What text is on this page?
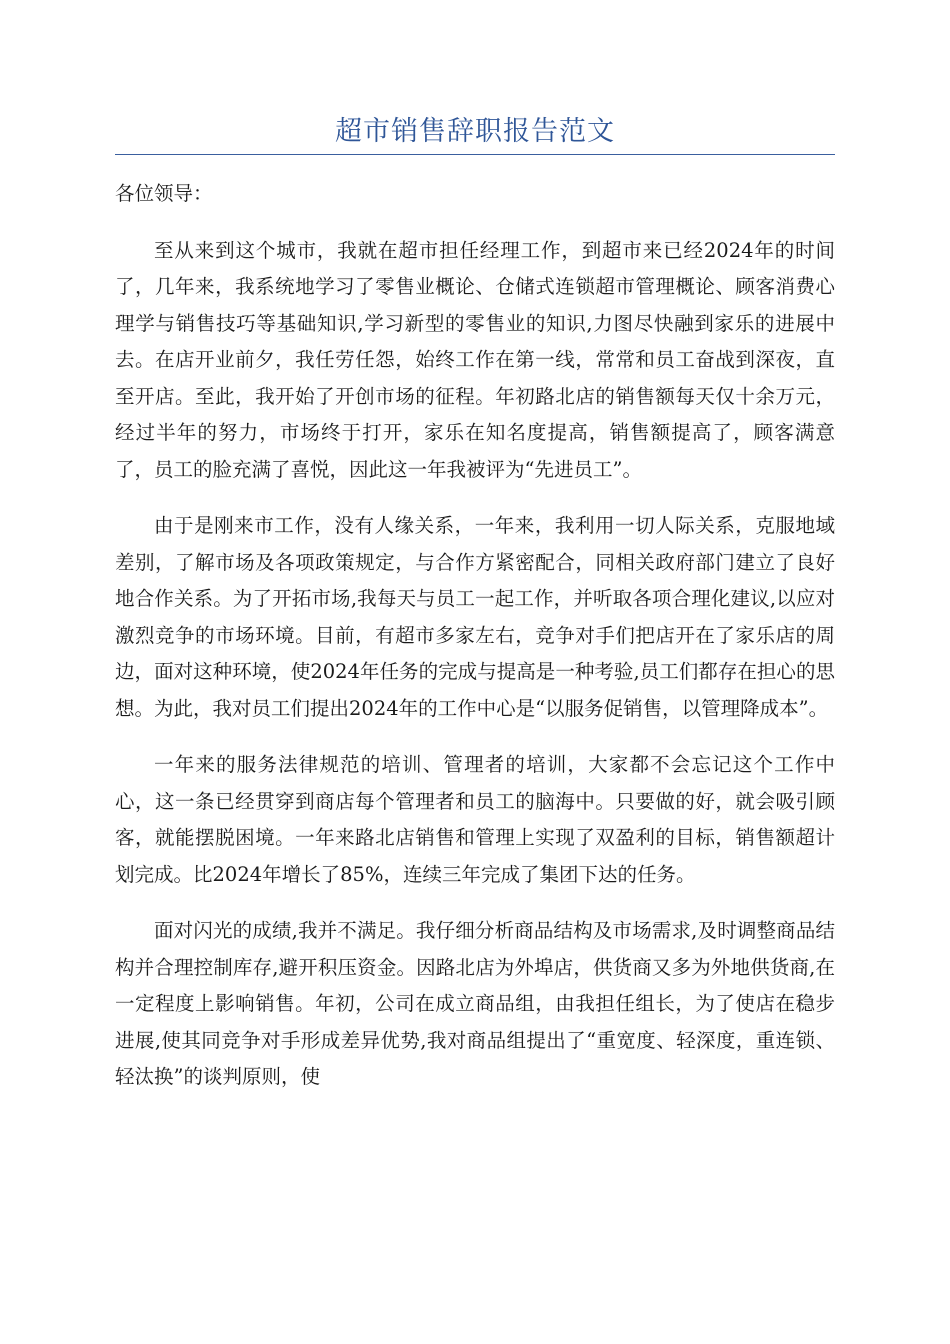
超市销售辞职报告范文
各位领导：

至从来到这个城市，我就在超市担任经理工作，到超市来已经2024年的时间了，几年来，我系统地学习了零售业概论、仓储式连锁超市管理概论、顾客消费心理学与销售技巧等基础知识,学习新型的零售业的知识,力图尽快融到家乐的进展中去。在店开业前夕，我任劳任怨，始终工作在第一线，常常和员工奋战到深夜，直至开店。至此，我开始了开创市场的征程。年初路北店的销售额每天仅十余万元，经过半年的努力，市场终于打开，家乐在知名度提高，销售额提高了，顾客满意了，员工的脸充满了喜悦，因此这一年我被评为“先进员工”。

由于是刚来市工作，没有人缘关系，一年来，我利用一切人际关系，克服地域差别，了解市场及各项政策规定，与合作方紧密配合，同相关政府部门建立了良好地合作关系。为了开拓市场,我每天与员工一起工作，并听取各项合理化建议,以应对激烈竞争的市场环境。目前，有超市多家左右，竞争对手们把店开在了家乐店的周边，面对这种环境，使2024年任务的完成与提高是一种考验,员工们都存在担心的思想。为此，我对员工们提出2024年的工作中心是“以服务促销售，以管理降成本”。

一年来的服务法律规范的培训、管理者的培训，大家都不会忘记这个工作中心，这一条已经贯穿到商店每个管理者和员工的脑海中。只要做的好，就会吸引顾客，就能摆脱困境。一年来路北店销售和管理上实现了双盈利的目标，销售额超计划完成。比2024年增长了85%，连续三年完成了集团下达的任务。

面对闪光的成绩,我并不满足。我仔细分析商品结构及市场需求,及时调整商品结构并合理控制库存,避开积压资金。因路北店为外埠店，供货商又多为外地供货商,在一定程度上影响销售。年初，公司在成立商品组，由我担任组长，为了使店在稳步进展,使其同竞争对手形成差异优势,我对商品组提出了“重宽度、轻深度，重连锁、轻汰换”的谈判原则，使
